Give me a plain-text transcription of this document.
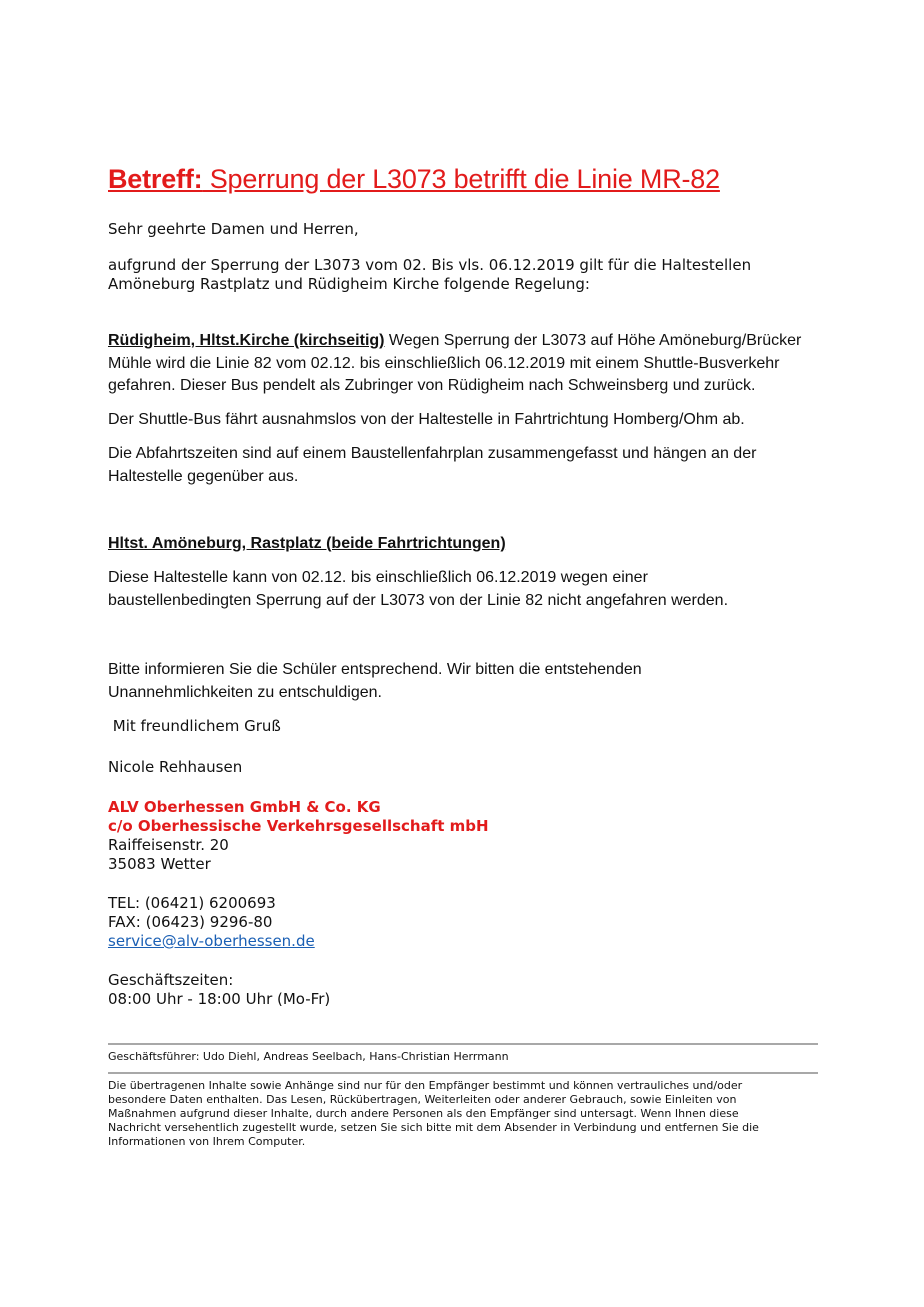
Betreff: Sperrung der L3073 betrifft die Linie MR-82
Sehr geehrte Damen und Herren,
aufgrund der Sperrung der L3073 vom 02. Bis vls. 06.12.2019 gilt für die Haltestellen
Amöneburg Rastplatz und Rüdigheim Kirche folgende Regelung:
Rüdigheim, Hltst.Kirche (kirchseitig) Wegen Sperrung der L3073 auf Höhe Amöneburg/Brücker
Mühle wird die Linie 82 vom 02.12. bis einschließlich 06.12.2019 mit einem Shuttle-Busverkehr
gefahren. Dieser Bus pendelt als Zubringer von Rüdigheim nach Schweinsberg und zurück.
Der Shuttle-Bus fährt ausnahmslos von der Haltestelle in Fahrtrichtung Homberg/Ohm ab.
Die Abfahrtszeiten sind auf einem Baustellenfahrplan zusammengefasst und hängen an der
Haltestelle gegenüber aus.
Hltst. Amöneburg, Rastplatz (beide Fahrtrichtungen)
Diese Haltestelle kann von 02.12. bis einschließlich 06.12.2019 wegen einer
baustellenbedingten Sperrung auf der L3073 von der Linie 82 nicht angefahren werden.
Bitte informieren Sie die Schüler entsprechend. Wir bitten die entstehenden
Unannehmlichkeiten zu entschuldigen.
Mit freundlichem Gruß
Nicole Rehhausen
ALV Oberhessen GmbH & Co. KG
c/o Oberhessische Verkehrsgesellschaft mbH
Raiffeisenstr. 20
35083 Wetter
TEL: (06421) 6200693
FAX: (06423) 9296-80
service@alv-oberhessen.de
Geschäftszeiten:
08:00 Uhr - 18:00 Uhr (Mo-Fr)
Geschäftsführer: Udo Diehl, Andreas Seelbach, Hans-Christian Herrmann
Die übertragenen Inhalte sowie Anhänge sind nur für den Empfänger bestimmt und können vertrauliches und/oder
besondere Daten enthalten. Das Lesen, Rückübertragen, Weiterleiten oder anderer Gebrauch, sowie Einleiten von
Maßnahmen aufgrund dieser Inhalte, durch andere Personen als den Empfänger sind untersagt. Wenn Ihnen diese
Nachricht versehentlich zugestellt wurde, setzen Sie sich bitte mit dem Absender in Verbindung und entfernen Sie die
Informationen von Ihrem Computer.
